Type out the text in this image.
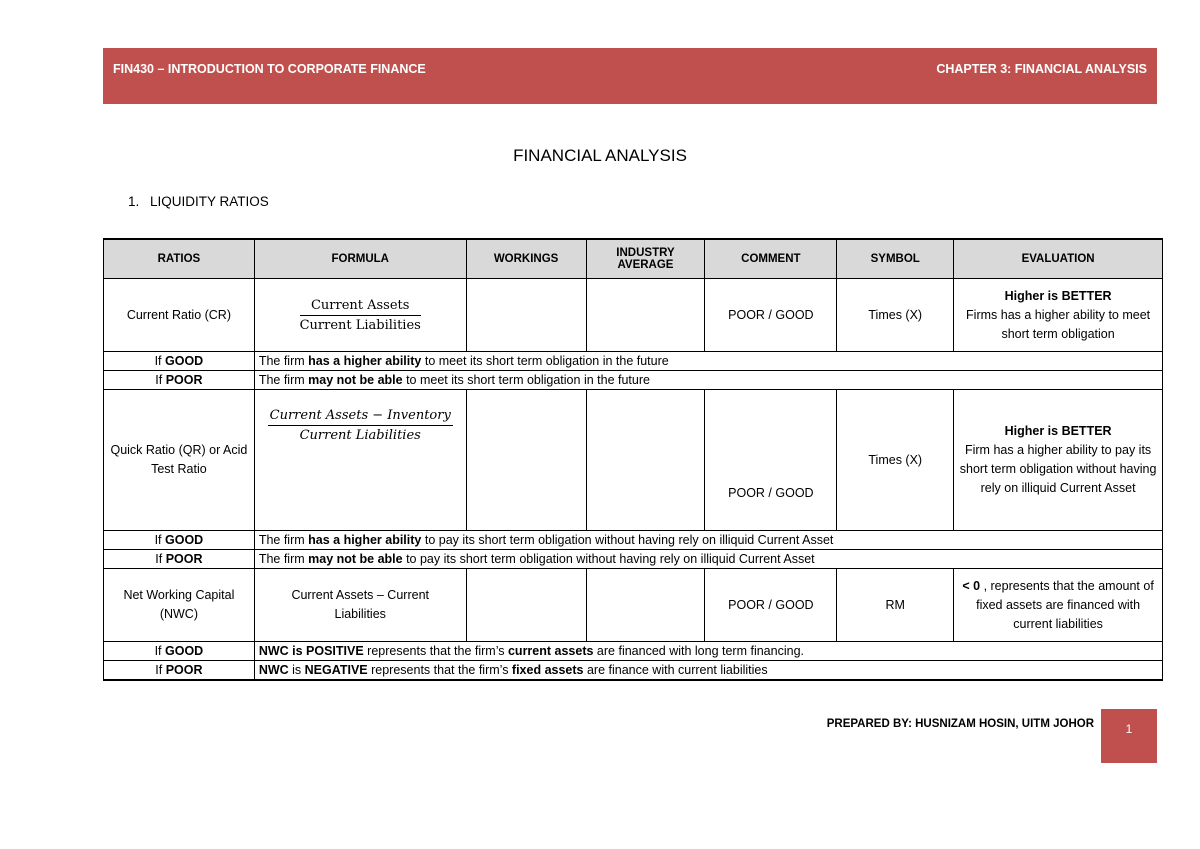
FIN430 – INTRODUCTION TO CORPORATE FINANCE	CHAPTER 3: FINANCIAL ANALYSIS
FINANCIAL ANALYSIS
1. LIQUIDITY RATIOS
RATIOS	FORMULA	WORKINGS	INDUSTRY AVERAGE	COMMENT	SYMBOL	EVALUATION
Current Ratio (CR)	$\frac{\text{Current Assets}}{\text{Current Liabilities}}$			POOR / GOOD	Times (X)	Higher is BETTER
Firms has a higher ability to meet short term obligation
If GOOD	The firm has a higher ability to meet its short term obligation in the future					
If POOR	The firm may not be able to meet its short term obligation in the future					
Quick Ratio (QR) or Acid Test Ratio	$\frac{\text{Current Assets − Inventory}}{\text{Current Liabilities}}$			POOR / GOOD	Times (X)	Higher is BETTER
Firm has a higher ability to pay its short term obligation without having rely on illiquid Current Asset
If GOOD	The firm has a higher ability to pay its short term obligation without having rely on illiquid Current Asset					
If POOR	The firm may not be able to pay its short term obligation without having rely on illiquid Current Asset					
Net Working Capital (NWC)	Current Assets – Current Liabilities			POOR / GOOD	RM	< 0 , represents that the amount of fixed assets are financed with current liabilities
If GOOD	NWC is POSITIVE represents that the firm’s current assets are financed with long term financing.					
If POOR	NWC is NEGATIVE represents that the firm’s fixed assets are finance with current liabilities					
PREPARED BY: HUSNIZAM HOSIN, UITM JOHOR	1
